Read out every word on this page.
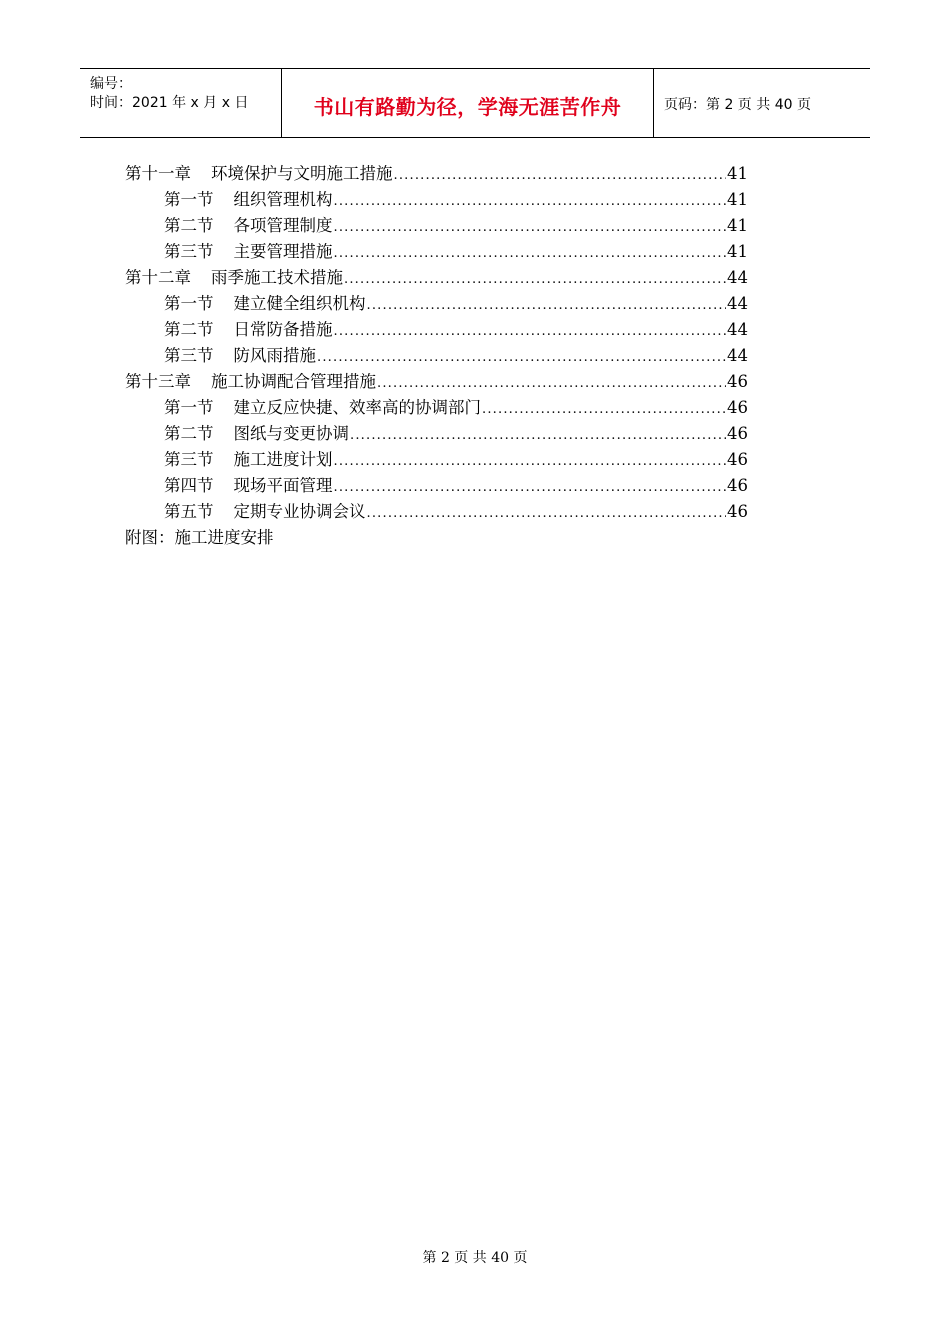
编号：
时间：2021 年 x 月 x 日	书山有路勤为径，学海无涯苦作舟	页码：第 2 页 共 40 页
第十一章 环境保护与文明施工措施 .....	41
第一节 组织管理机构 .....	41
第二节 各项管理制度 .....	41
第三节 主要管理措施 .....	41
第十二章 雨季施工技术措施 .....	44
第一节 建立健全组织机构 .....	44
第二节 日常防备措施 .....	44
第三节 防风雨措施 .....	44
第十三章 施工协调配合管理措施 .....	46
第一节 建立反应快捷、效率高的协调部门 .....	46
第二节 图纸与变更协调 .....	46
第三节 施工进度计划 .....	46
第四节 现场平面管理 .....	46
第五节 定期专业协调会议 .....	46
附图：施工进度安排
第 2 页 共 40 页
